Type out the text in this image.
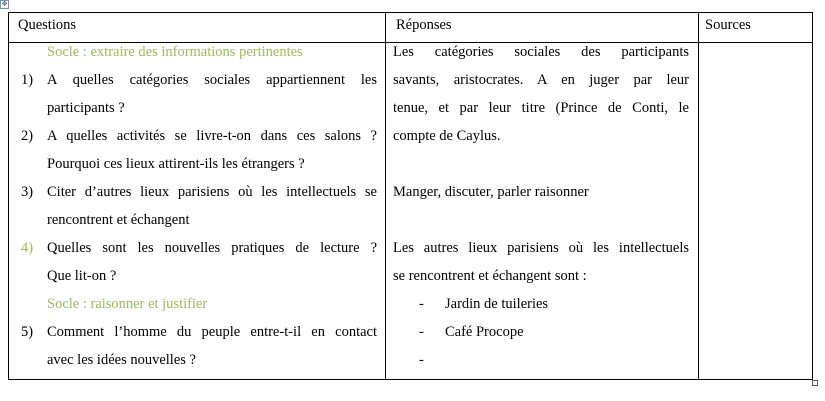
✥
Questions	Réponses	Sources
Socle : extraire des informations pertinentes
1) A quelles catégories sociales appartiennent les
participants ?
2) A quelles activités se livre-t-on dans ces salons ?
Pourquoi ces lieux attirent-ils les étrangers ?
3) Citer d’autres lieux parisiens où les intellectuels se
rencontrent et échangent
4) Quelles sont les nouvelles pratiques de lecture ?
Que lit-on ?
Socle : raisonner et justifier
5) Comment l’homme du peuple entre-t-il en contact
avec les idées nouvelles ?
Les catégories sociales des participants
savants, aristocrates. A en juger par leur
tenue, et par leur titre (Prince de Conti, le
compte de Caylus.
Manger, discuter, parler raisonner
Les autres lieux parisiens où les intellectuels
se rencontrent et échangent sont :
- Jardin de tuileries
- Café Procope
-
